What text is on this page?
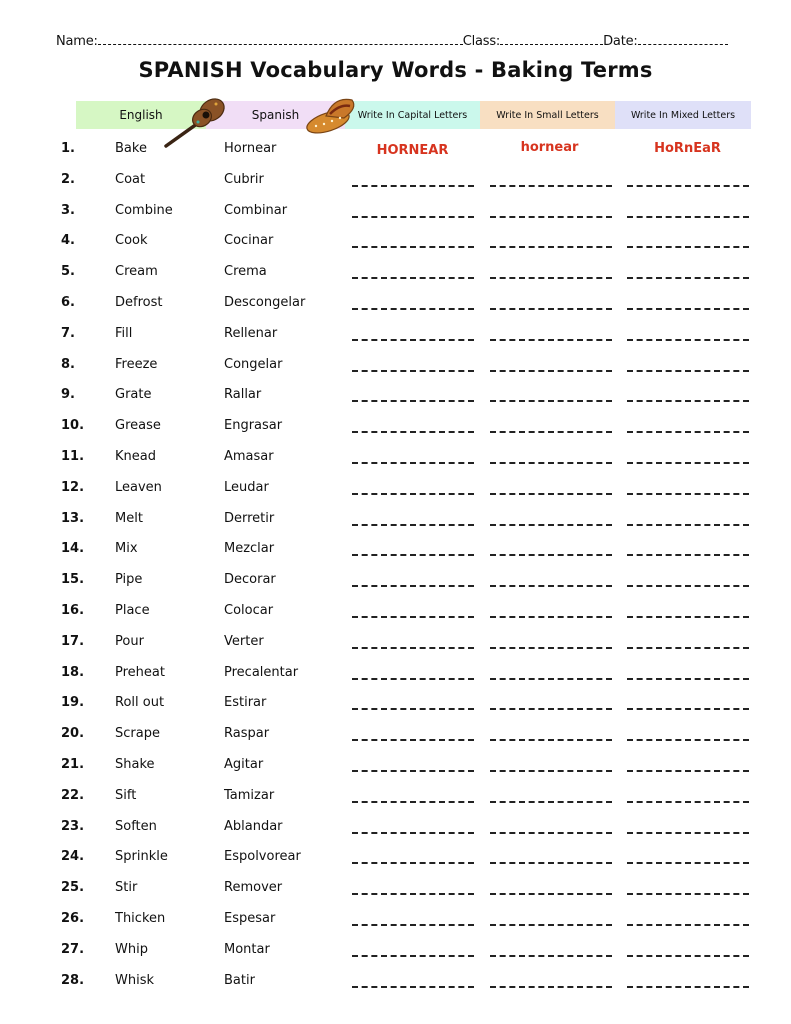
Name:	Class:	Date:
SPANISH Vocabulary Words - Baking Terms
English	Spanish	Write In Capital Letters	Write In Small Letters	Write In Mixed Letters
1.	Bake	Hornear	HORNEAR	hornear	HoRnEaR
2.	Coat	Cubrir
3.	Combine	Combinar
4.	Cook	Cocinar
5.	Cream	Crema
6.	Defrost	Descongelar
7.	Fill	Rellenar
8.	Freeze	Congelar
9.	Grate	Rallar
10. Grease	Engrasar
11. Knead	Amasar
12. Leaven	Leudar
13. Melt	Derretir
14. Mix	Mezclar
15. Pipe	Decorar
16. Place	Colocar
17. Pour	Verter
18. Preheat	Precalentar
19. Roll out	Estirar
20. Scrape	Raspar
21. Shake	Agitar
22. Sift	Tamizar
23. Soften	Ablandar
24. Sprinkle	Espolvorear
25. Stir	Remover
26. Thicken	Espesar
27. Whip	Montar
28. Whisk	Batir
